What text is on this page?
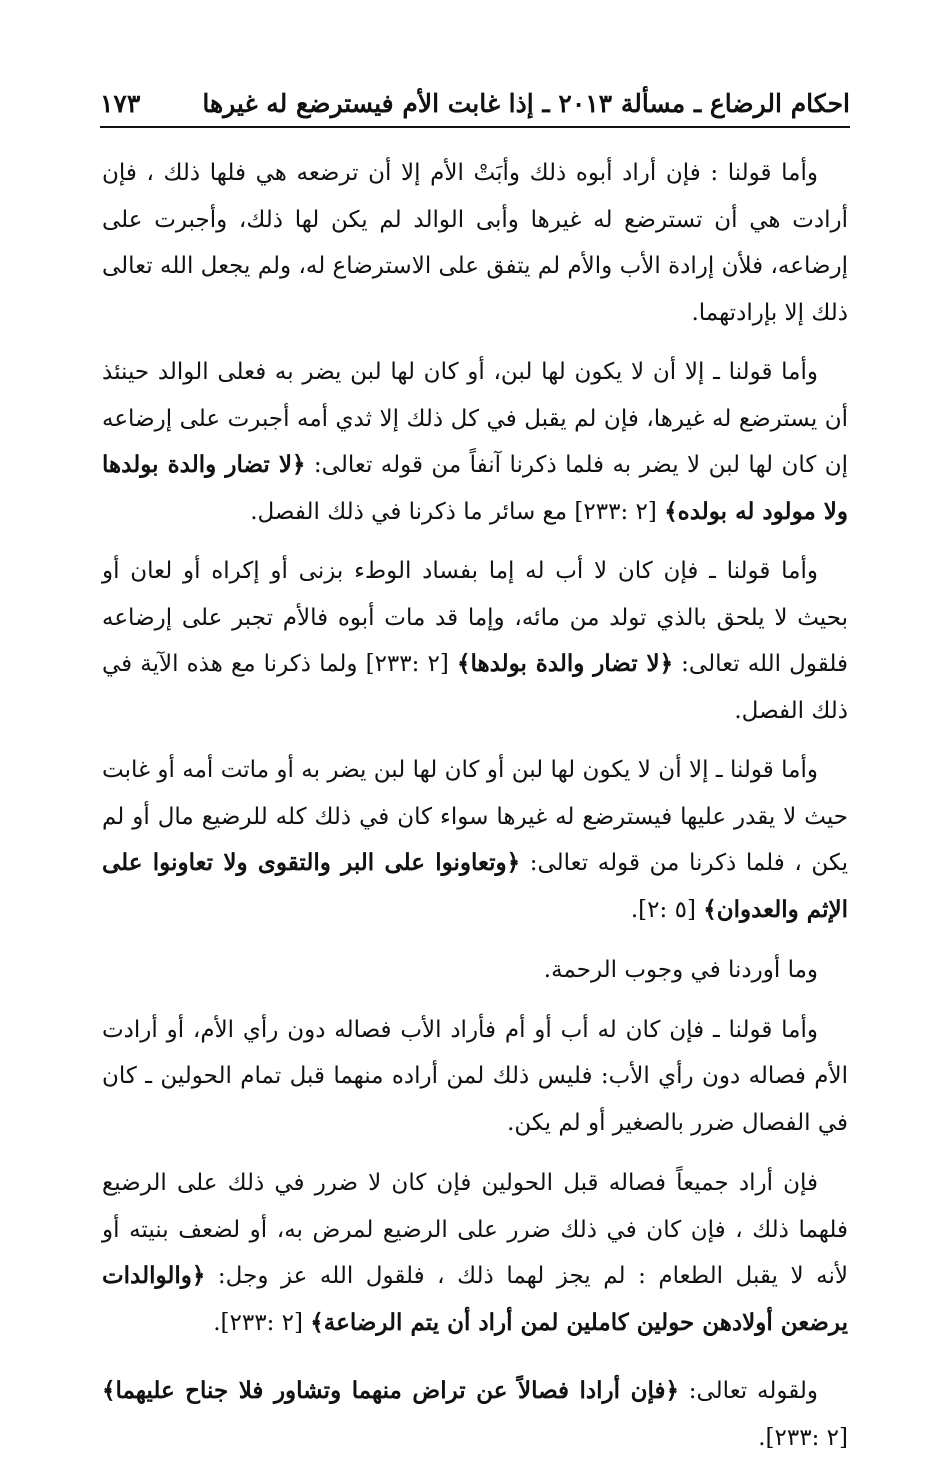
احكام الرضاع ـ مسألة ٢٠١٣ ـ إذا غابت الأم فيسترضع له غيرها
١٧٣

وأما قولنا : فإن أراد أبوه ذلك وأبَتْ الأم إلا أن ترضعه هي فلها ذلك ، فإن أرادت هي أن تسترضع له غيرها وأبى الوالد لم يكن لها ذلك، وأجبرت على إرضاعه، فلأن إرادة الأب والأم لم يتفق على الاسترضاع له، ولم يجعل الله تعالى ذلك إلا بإرادتهما.

وأما قولنا ـ إلا أن لا يكون لها لبن، أو كان لها لبن يضر به فعلى الوالد حينئذ أن يسترضع له غيرها، فإن لم يقبل في كل ذلك إلا ثدي أمه أجبرت على إرضاعه إن كان لها لبن لا يضر به فلما ذكرنا آنفاً من قوله تعالى: ﴿لا تضار والدة بولدها ولا مولود له بولده﴾ [٢ :٢٣٣] مع سائر ما ذكرنا في ذلك الفصل.

وأما قولنا ـ فإن كان لا أب له إما بفساد الوطء بزنى أو إكراه أو لعان أو بحيث لا يلحق بالذي تولد من مائه، وإما قد مات أبوه فالأم تجبر على إرضاعه فلقول الله تعالى: ﴿لا تضار والدة بولدها﴾ [٢ :٢٣٣] ولما ذكرنا مع هذه الآية في ذلك الفصل.

وأما قولنا ـ إلا أن لا يكون لها لبن أو كان لها لبن يضر به أو ماتت أمه أو غابت حيث لا يقدر عليها فيسترضع له غيرها سواء كان في ذلك كله للرضيع مال أو لم يكن ، فلما ذكرنا من قوله تعالى: ﴿وتعاونوا على البر والتقوى ولا تعاونوا على الإثم والعدوان﴾ [٥ :٢].

وما أوردنا في وجوب الرحمة.

وأما قولنا ـ فإن كان له أب أو أم فأراد الأب فصاله دون رأي الأم، أو أرادت الأم فصاله دون رأي الأب: فليس ذلك لمن أراده منهما قبل تمام الحولين ـ كان في الفصال ضرر بالصغير أو لم يكن.

فإن أراد جميعاً فصاله قبل الحولين فإن كان لا ضرر في ذلك على الرضيع فلهما ذلك ، فإن كان في ذلك ضرر على الرضيع لمرض به، أو لضعف بنيته أو لأنه لا يقبل الطعام : لم يجز لهما ذلك ، فلقول الله عز وجل: ﴿والوالدات يرضعن أولادهن حولين كاملين لمن أراد أن يتم الرضاعة﴾ [٢ :٢٣٣].

ولقوله تعالى: ﴿فإن أرادا فصالاً عن تراض منهما وتشاور فلا جناح عليهما﴾ [٢ :٢٣٣].
